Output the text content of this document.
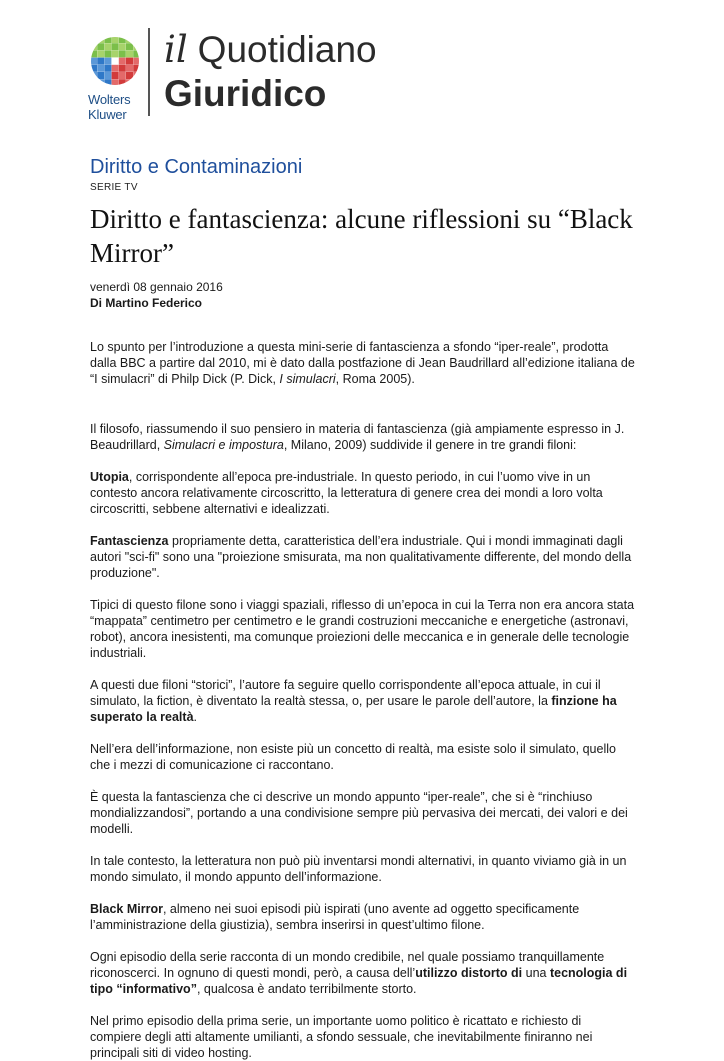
Wolters
Kluwer
il Quotidiano
Giuridico

Diritto e Contaminazioni

SERIE TV

Diritto e fantascienza: alcune riflessioni su “Black Mirror”

venerdì 08 gennaio 2016

Di Martino Federico

Lo spunto per l’introduzione a questa mini-serie di fantascienza a sfondo “iper-reale”, prodotta dalla BBC a partire dal 2010, mi è dato dalla postfazione di Jean Baudrillard all’edizione italiana de “I simulacri” di Philp Dick (P. Dick, I simulacri, Roma 2005).

Il filosofo, riassumendo il suo pensiero in materia di fantascienza (già ampiamente espresso in J. Beaudrillard, Simulacri e impostura, Milano, 2009) suddivide il genere in tre grandi filoni:

Utopia, corrispondente all’epoca pre-industriale. In questo periodo, in cui l’uomo vive in un contesto ancora relativamente circoscritto, la letteratura di genere crea dei mondi a loro volta circoscritti, sebbene alternativi e idealizzati.

Fantascienza propriamente detta, caratteristica dell’era industriale. Qui i mondi immaginati dagli autori "sci-fi" sono una "proiezione smisurata, ma non qualitativamente differente, del mondo della produzione".

Tipici di questo filone sono i viaggi spaziali, riflesso di un’epoca in cui la Terra non era ancora stata “mappata” centimetro per centimetro e le grandi costruzioni meccaniche e energetiche (astronavi, robot), ancora inesistenti, ma comunque proiezioni delle meccanica e in generale delle tecnologie industriali.

A questi due filoni “storici”, l’autore fa seguire quello corrispondente all’epoca attuale, in cui il simulato, la fiction, è diventato la realtà stessa, o, per usare le parole dell’autore, la finzione ha superato la realtà.

Nell’era dell’informazione, non esiste più un concetto di realtà, ma esiste solo il simulato, quello che i mezzi di comunicazione ci raccontano.

È questa la fantascienza che ci descrive un mondo appunto “iper-reale”, che si è “rinchiuso mondializzandosi”, portando a una condivisione sempre più pervasiva dei mercati, dei valori e dei modelli.

In tale contesto, la letteratura non può più inventarsi mondi alternativi, in quanto viviamo già in un mondo simulato, il mondo appunto dell’informazione.

Black Mirror, almeno nei suoi episodi più ispirati (uno avente ad oggetto specificamente l’amministrazione della giustizia), sembra inserirsi in quest’ultimo filone.

Ogni episodio della serie racconta di un mondo credibile, nel quale possiamo tranquillamente riconoscerci. In ognuno di questi mondi, però, a causa dell’utilizzo distorto di una tecnologia di tipo “informativo”, qualcosa è andato terribilmente storto.

Nel primo episodio della prima serie, un importante uomo politico è ricattato e richiesto di compiere degli atti altamente umilianti, a sfondo sessuale, che inevitabilmente finiranno nei principali siti di video hosting.
